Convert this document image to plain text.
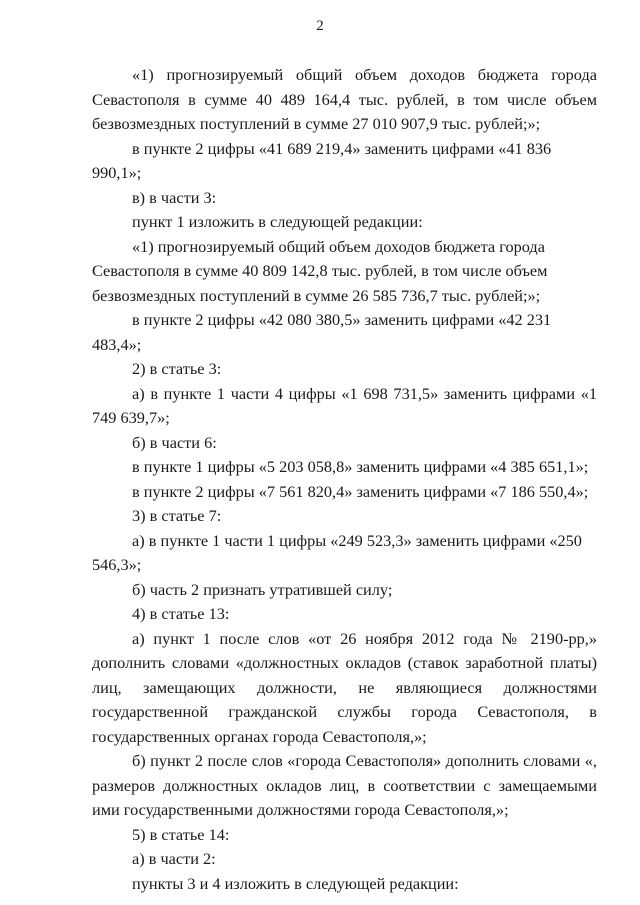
2

«1) прогнозируемый общий объем доходов бюджета города Севастополя в сумме 40 489 164,4 тыс. рублей, в том числе объем безвозмездных поступлений в сумме 27 010 907,9 тыс. рублей;»;

в пункте 2 цифры «41 689 219,4» заменить цифрами «41 836 990,1»;

в) в части 3:

пункт 1 изложить в следующей редакции:

«1) прогнозируемый общий объем доходов бюджета города Севастополя в сумме 40 809 142,8 тыс. рублей, в том числе объем безвозмездных поступлений в сумме 26 585 736,7 тыс. рублей;»;

в пункте 2 цифры «42 080 380,5» заменить цифрами «42 231 483,4»;

2) в статье 3:

а) в пункте 1 части 4 цифры «1 698 731,5» заменить цифрами «1 749 639,7»;

б) в части 6:

в пункте 1 цифры «5 203 058,8» заменить цифрами «4 385 651,1»;

в пункте 2 цифры «7 561 820,4» заменить цифрами «7 186 550,4»;

3) в статье 7:

а) в пункте 1 части 1 цифры «249 523,3» заменить цифрами «250 546,3»;

б) часть 2 признать утратившей силу;

4) в статье 13:

а) пункт 1 после слов «от 26 ноября 2012 года № 2190-рр,» дополнить словами «должностных окладов (ставок заработной платы) лиц, замещающих должности, не являющиеся должностями государственной гражданской службы города Севастополя, в государственных органах города Севастополя,»;

б) пункт 2 после слов «города Севастополя» дополнить словами «, размеров должностных окладов лиц, в соответствии с замещаемыми ими государственными должностями города Севастополя,»;

5) в статье 14:

а) в части 2:

пункты 3 и 4 изложить в следующей редакции:
